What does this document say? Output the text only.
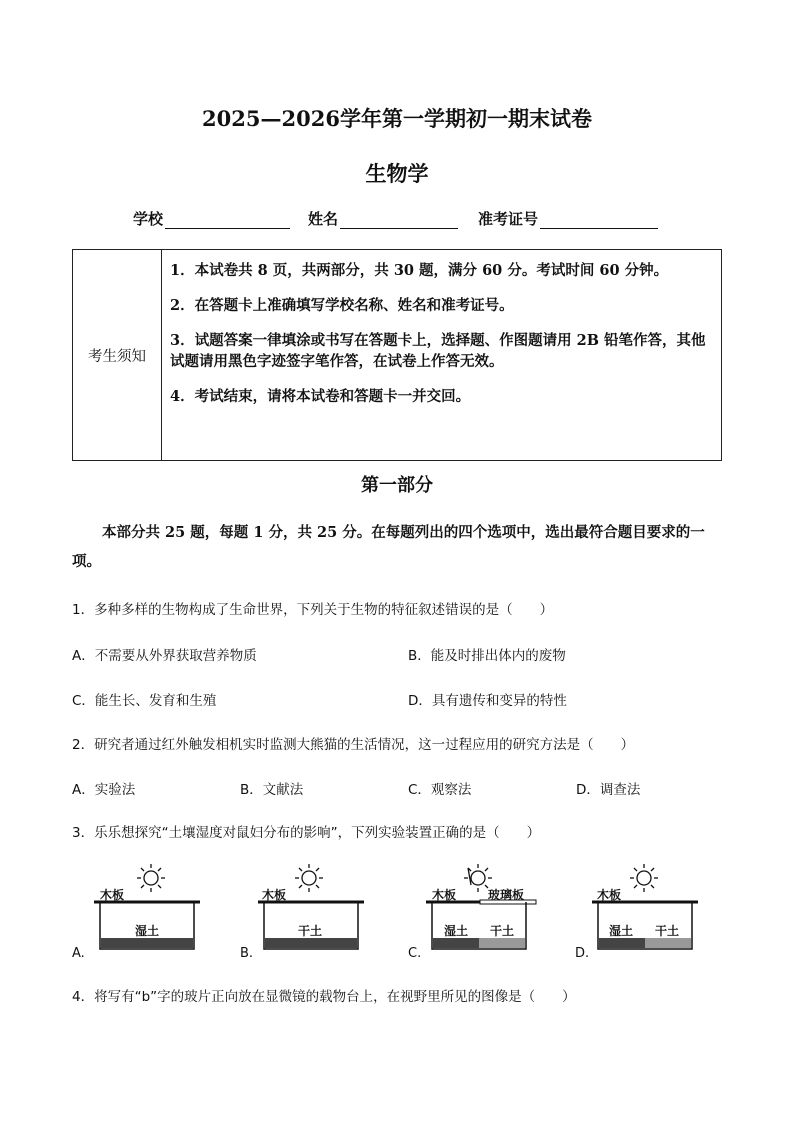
2025—2026学年第一学期初一期末试卷
生物学
学校	姓名	准考证号
考生须知	
1．本试卷共 8 页，共两部分，共 30 题，满分 60 分。考试时间 60 分钟。
2．在答题卡上准确填写学校名称、姓名和准考证号。
3．试题答案一律填涂或书写在答题卡上，选择题、作图题请用 2B 铅笔作答，其他试题请用黑色字迹签字笔作答，在试卷上作答无效。
4．考试结束，请将本试卷和答题卡一并交回。
第一部分
本部分共 25 题，每题 1 分，共 25 分。在每题列出的四个选项中，选出最符合题目要求的一项。
1．多种多样的生物构成了生命世界，下列关于生物的特征叙述错误的是（　　）
A．不需要从外界获取营养物质	B．能及时排出体内的废物
C．能生长、发育和生殖	D．具有遗传和变异的特性
2．研究者通过红外触发相机实时监测大熊猫的生活情况，这一过程应用的研究方法是（　　）
A．实验法	B．文献法	C．观察法	D．调查法
3．乐乐想探究“土壤湿度对鼠妇分布的影响”，下列实验装置正确的是（　　）
木板
湿土
A.
木板
干土
B.
木板	玻璃板
湿土 干土
C.
木板
湿土 干土
D.
4．将写有“b”字的玻片正向放在显微镜的载物台上，在视野里所见的图像是（　　）
